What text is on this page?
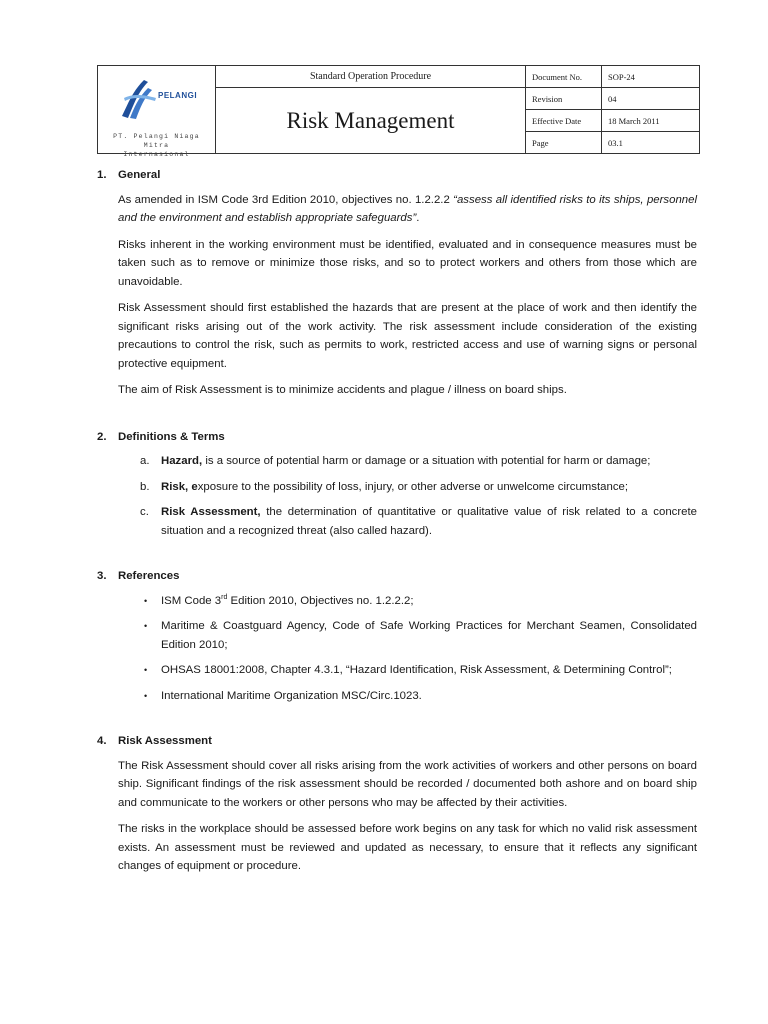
PELANGI
PT. Pelangi Niaga Mitra
Internasional	Standard Operation Procedure	Document No.	SOP-24
	Risk Management	Revision	04
		Effective Date	18 March 2011
		Page	03.1
1.	General

As amended in ISM Code 3rd Edition 2010, objectives no. 1.2.2.2 “assess all identified risks to its ships, personnel and the environment and establish appropriate safeguards”.

Risks inherent in the working environment must be identified, evaluated and in consequence measures must be taken such as to remove or minimize those risks, and so to protect workers and others from those which are unavoidable.

Risk Assessment should first established the hazards that are present at the place of work and then identify the significant risks arising out of the work activity. The risk assessment include consideration of the existing precautions to control the risk, such as permits to work, restricted access and use of warning signs or personal protective equipment.

The aim of Risk Assessment is to minimize accidents and plague / illness on board ships.

2.	Definitions & Terms
a.	Hazard, is a source of potential harm or damage or a situation with potential for harm or damage;
b.	Risk, exposure to the possibility of loss, injury, or other adverse or unwelcome circumstance;
c.	Risk Assessment, the determination of quantitative or qualitative value of risk related to a concrete situation and a recognized threat (also called hazard).
3.	References
•	ISM Code 3rd Edition 2010, Objectives no. 1.2.2.2;
•	Maritime & Coastguard Agency, Code of Safe Working Practices for Merchant Seamen, Consolidated Edition 2010;
•	OHSAS 18001:2008, Chapter 4.3.1, “Hazard Identification, Risk Assessment, & Determining Control”;
•	International Maritime Organization MSC/Circ.1023.
4.	Risk Assessment

The Risk Assessment should cover all risks arising from the work activities of workers and other persons on board ship. Significant findings of the risk assessment should be recorded / documented both ashore and on board ship and communicate to the workers or other persons who may be affected by their activities.

The risks in the workplace should be assessed before work begins on any task for which no valid risk assessment exists. An assessment must be reviewed and updated as necessary, to ensure that it reflects any significant changes of equipment or procedure.
